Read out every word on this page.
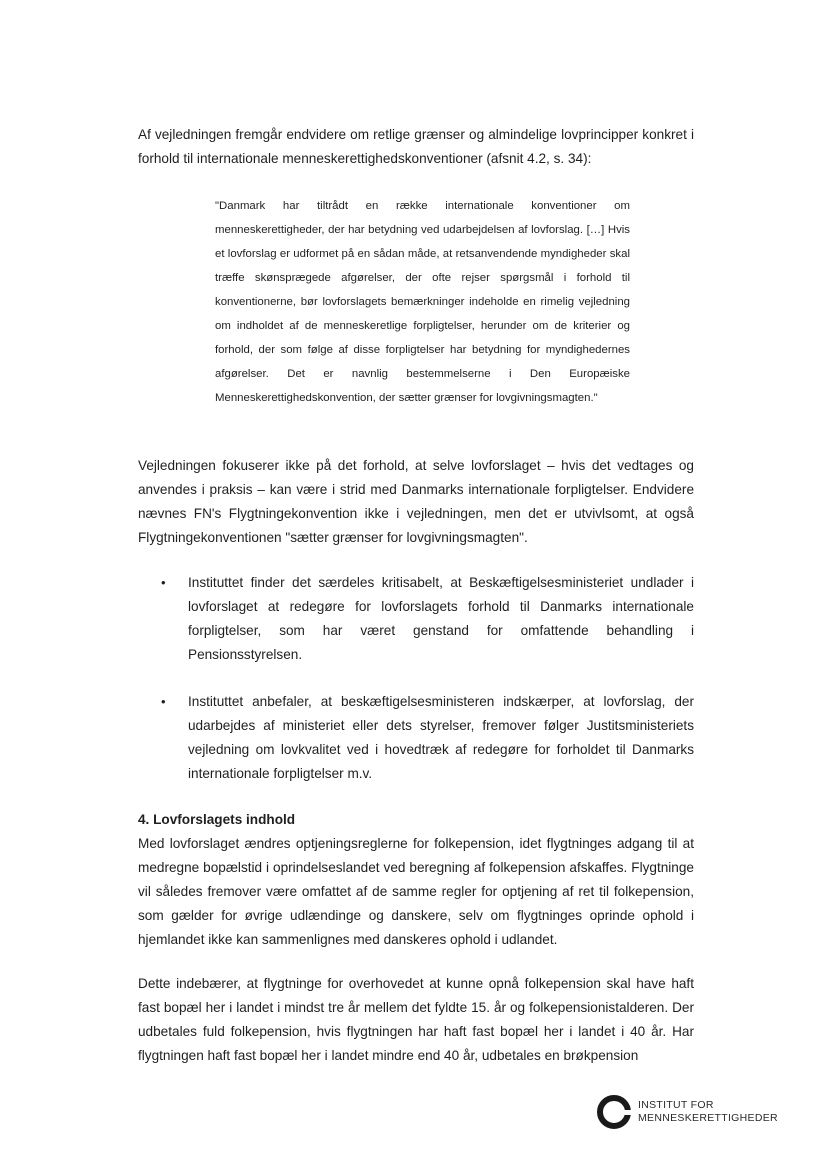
Af vejledningen fremgår endvidere om retlige grænser og almindelige lovprincipper konkret i forhold til internationale menneskerettighedskonventioner (afsnit 4.2, s. 34):

"Danmark har tiltrådt en række internationale konventioner om menneskerettigheder, der har betydning ved udarbejdelsen af lovforslag. […] Hvis et lovforslag er udformet på en sådan måde, at retsanvendende myndigheder skal træffe skønsprægede afgørelser, der ofte rejser spørgsmål i forhold til konventionerne, bør lovforslagets bemærkninger indeholde en rimelig vejledning om indholdet af de menneskeretlige forpligtelser, herunder om de kriterier og forhold, der som følge af disse forpligtelser har betydning for myndighedernes afgørelser. Det er navnlig bestemmelserne i Den Europæiske Menneskerettighedskonvention, der sætter grænser for lovgivningsmagten."

Vejledningen fokuserer ikke på det forhold, at selve lovforslaget – hvis det vedtages og anvendes i praksis – kan være i strid med Danmarks internationale forpligtelser. Endvidere nævnes FN's Flygtningekonvention ikke i vejledningen, men det er utvivlsomt, at også Flygtningekonventionen "sætter grænser for lovgivningsmagten".

• Instituttet finder det særdeles kritisabelt, at Beskæftigelsesministeriet undlader i lovforslaget at redegøre for lovforslagets forhold til Danmarks internationale forpligtelser, som har været genstand for omfattende behandling i Pensionsstyrelsen.

• Instituttet anbefaler, at beskæftigelsesministeren indskærper, at lovforslag, der udarbejdes af ministeriet eller dets styrelser, fremover følger Justitsministeriets vejledning om lovkvalitet ved i hovedtræk af redegøre for forholdet til Danmarks internationale forpligtelser m.v.

4. Lovforslagets indhold

Med lovforslaget ændres optjeningsreglerne for folkepension, idet flygtninges adgang til at medregne bopælstid i oprindelseslandet ved beregning af folkepension afskaffes. Flygtninge vil således fremover være omfattet af de samme regler for optjening af ret til folkepension, som gælder for øvrige udlændinge og danskere, selv om flygtninges oprinde ophold i hjemlandet ikke kan sammenlignes med danskeres ophold i udlandet.

Dette indebærer, at flygtninge for overhovedet at kunne opnå folkepension skal have haft fast bopæl her i landet i mindst tre år mellem det fyldte 15. år og folkepensionistalderen. Der udbetales fuld folkepension, hvis flygtningen har haft fast bopæl her i landet i 40 år. Har flygtningen haft fast bopæl her i landet mindre end 40 år, udbetales en brøkpension

INSTITUT FOR
MENNESKERETTIGHEDER
